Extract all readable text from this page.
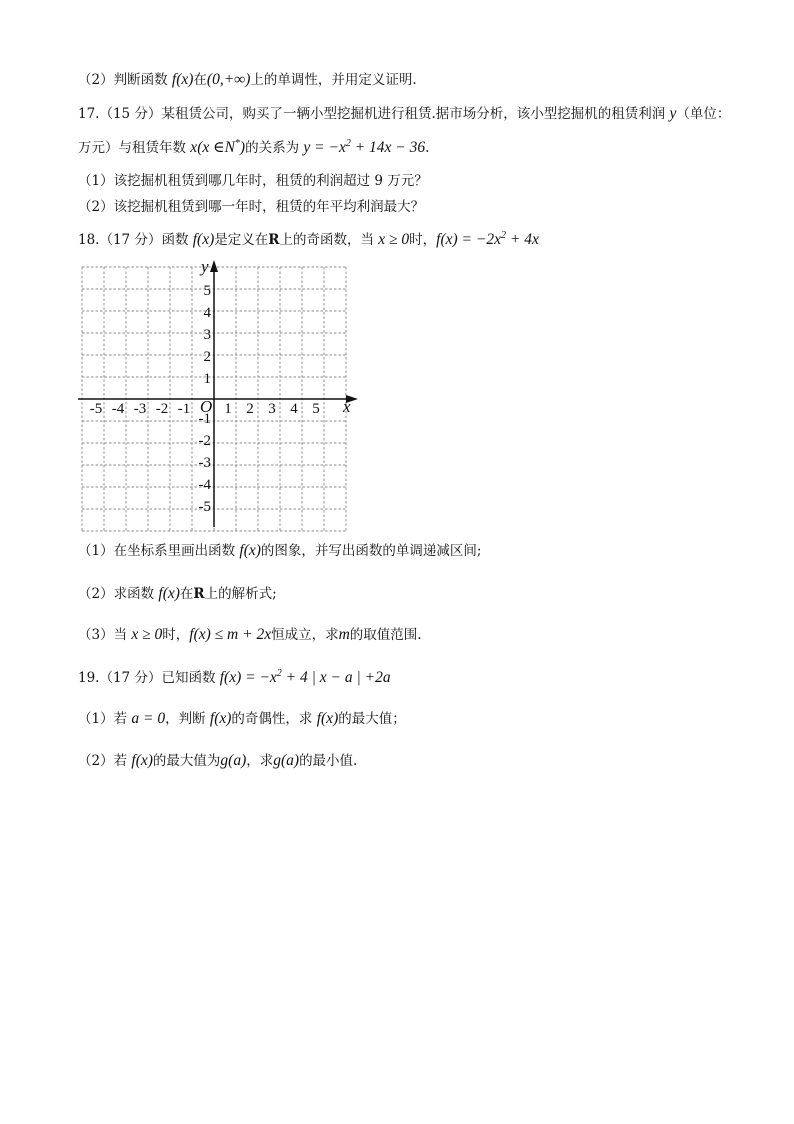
（2）判断函数 f(x)在(0,+∞)上的单调性，并用定义证明.
17.（15 分）某租赁公司，购买了一辆小型挖掘机进行租赁.据市场分析，该小型挖掘机的租赁利润 y（单位：
万元）与租赁年数 x(x ∈N*)的关系为 $y = -x^2 + 14x - 36$.
（1）该挖掘机租赁到哪几年时，租赁的利润超过 9 万元？
（2）该挖掘机租赁到哪一年时，租赁的年平均利润最大？
18.（17 分）函数 f(x)是定义在R上的奇函数，当 x ≥ 0时，$f(x) = -2x^2 + 4x$
x
y
O
-5 -4 -3 -2 -1 1 2 3 4 5
5
4
3
2
1
-1
-2
-3
-4
-5
（1）在坐标系里画出函数 f(x)的图象，并写出函数的单调递减区间;
（2）求函数 f(x)在R上的解析式;
（3）当 x ≥ 0时，f(x) ≤ m + 2x恒成立，求m的取值范围.
19.（17 分）已知函数 $f(x) = -x^2 + 4$ | x − a | +2a
（1）若 a = 0，判断 f(x)的奇偶性，求 f(x)的最大值；
（2）若 f(x)的最大值为g(a)，求g(a)的最小值.
